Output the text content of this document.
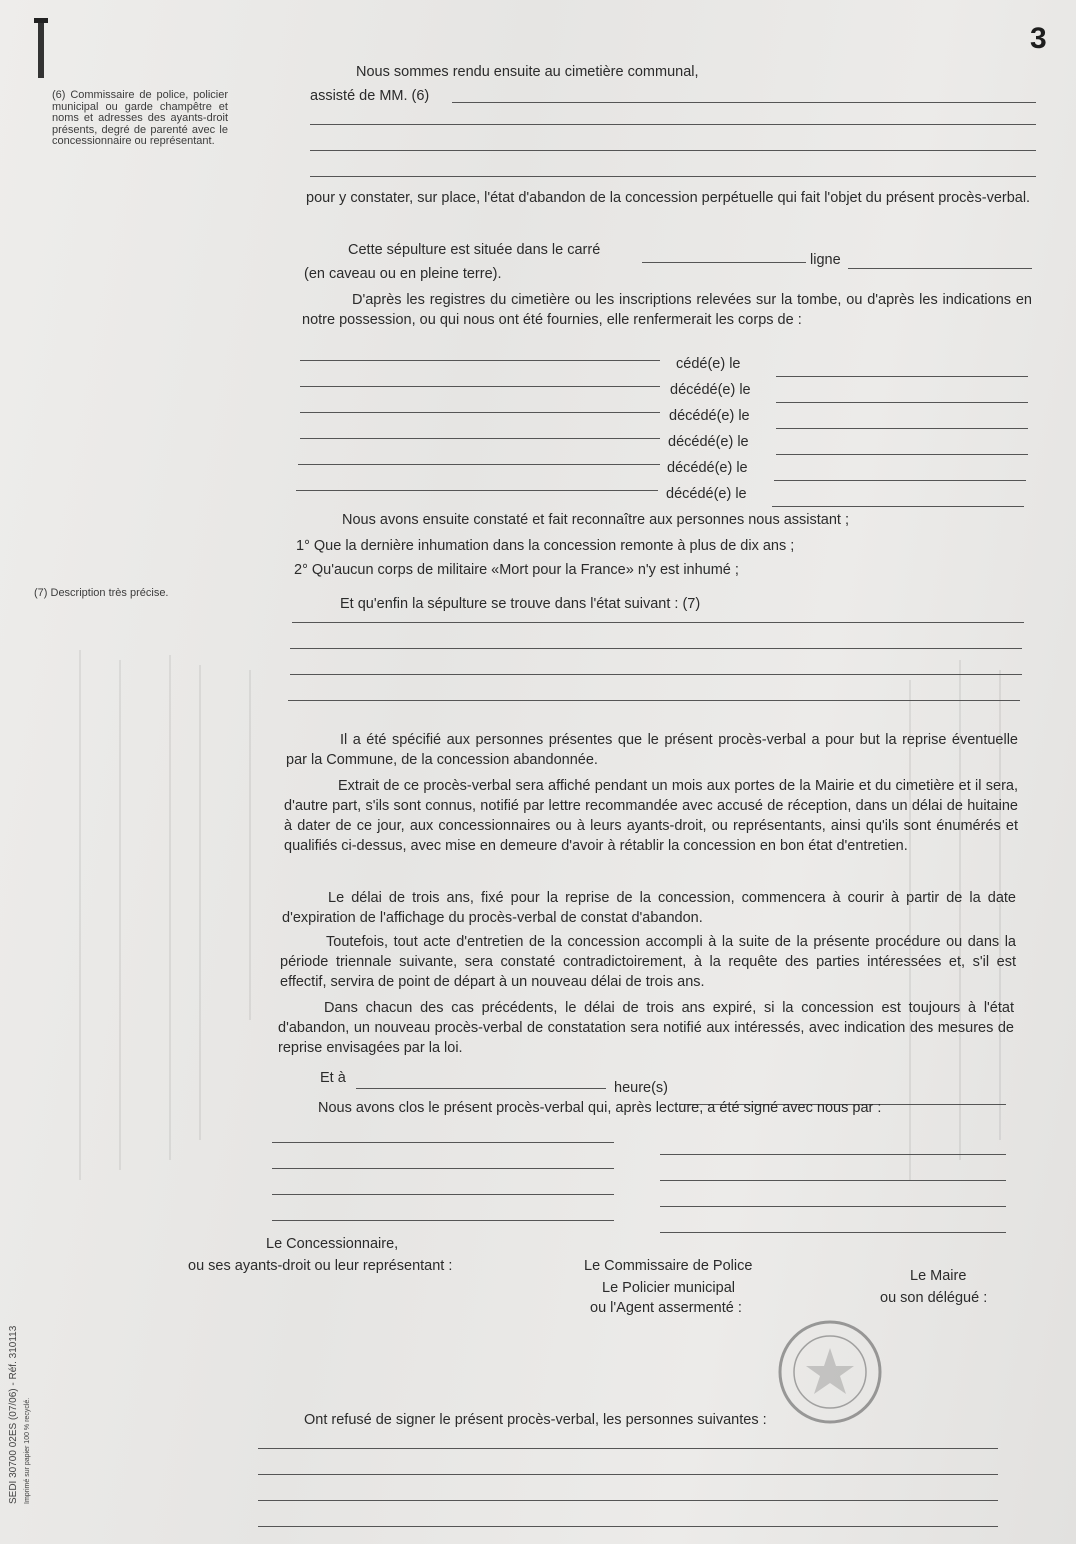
3
(6) Commissaire de police, policier municipal ou garde champêtre et noms et adresses des ayants-droit présents, degré de parenté avec le concessionnaire ou représentant.
(7) Description très précise.
Nous sommes rendu ensuite au cimetière communal,
assisté de MM. (6)
pour y constater, sur place, l'état d'abandon de la concession perpétuelle qui fait l'objet du présent procès-verbal.
Cette sépulture est située dans le carré
ligne
(en caveau ou en pleine terre).
D'après les registres du cimetière ou les inscriptions relevées sur la tombe, ou d'après les indications en notre possession, ou qui nous ont été fournies, elle renfermerait les corps de :
cédé(e) le
décédé(e) le
décédé(e) le
décédé(e) le
décédé(e) le
décédé(e) le
Nous avons ensuite constaté et fait reconnaître aux personnes nous assistant ;
1° Que la dernière inhumation dans la concession remonte à plus de dix ans ;
2° Qu'aucun corps de militaire «Mort pour la France» n'y est inhumé ;
Et qu'enfin la sépulture se trouve dans l'état suivant : (7)
Il a été spécifié aux personnes présentes que le présent procès-verbal a pour but la reprise éventuelle par la Commune, de la concession abandonnée.
Extrait de ce procès-verbal sera affiché pendant un mois aux portes de la Mairie et du cimetière et il sera, d'autre part, s'ils sont connus, notifié par lettre recommandée avec accusé de réception, dans un délai de huitaine à dater de ce jour, aux concessionnaires ou à leurs ayants-droit, ou représentants, ainsi qu'ils sont énumérés et qualifiés ci-dessus, avec mise en demeure d'avoir à rétablir la concession en bon état d'entretien.
Le délai de trois ans, fixé pour la reprise de la concession, commencera à courir à partir de la date d'expiration de l'affichage du procès-verbal de constat d'abandon.
Toutefois, tout acte d'entretien de la concession accompli à la suite de la présente procédure ou dans la période triennale suivante, sera constaté contradictoirement, à la requête des parties intéressées et, s'il est effectif, servira de point de départ à un nouveau délai de trois ans.
Dans chacun des cas précédents, le délai de trois ans expiré, si la concession est toujours à l'état d'abandon, un nouveau procès-verbal de constatation sera notifié aux intéressés, avec indication des mesures de reprise envisagées par la loi.
Et à
heure(s)
Nous avons clos le présent procès-verbal qui, après lecture, a été signé avec nous par :
Le Concessionnaire,
ou ses ayants-droit ou leur représentant :	Le Commissaire de Police
Le Policier municipal
ou l'Agent assermenté :
Le Maire
ou son délégué :
Ont refusé de signer le présent procès-verbal, les personnes suivantes :
SEDI 30700 02ES (07/06) - Réf. 310113 Imprimé sur papier 100 % recyclé.
